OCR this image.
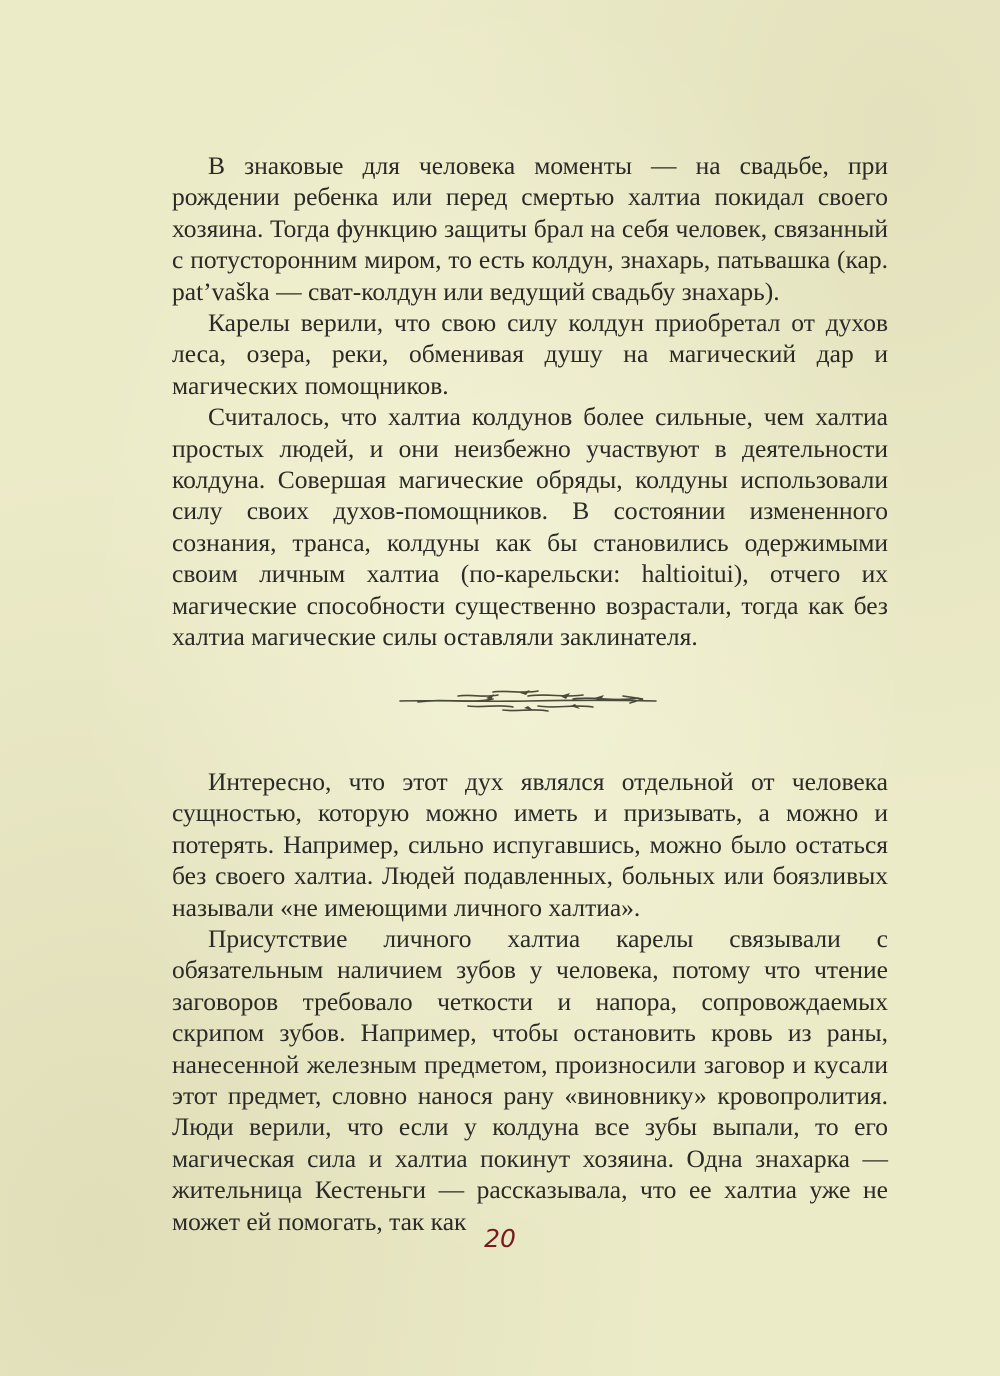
В знаковые для человека моменты — на свадьбе, при рождении ребенка или перед смертью халтиа покидал своего хозяина. Тогда функцию защиты брал на себя человек, связанный с потусторонним миром, то есть колдун, знахарь, патьвашка (кар. pat’vaška — сват-колдун или ведущий свадьбу знахарь).

Карелы верили, что свою силу колдун приобретал от духов леса, озера, реки, обменивая душу на магический дар и магических помощников.

Считалось, что халтиа колдунов более сильные, чем халтиа простых людей, и они неизбежно участвуют в деятельности колдуна. Совершая магические обряды, колдуны использовали силу своих духов-помощников. В состоянии измененного сознания, транса, колдуны как бы становились одержимыми своим личным халтиа (по-карельски: haltioitui), отчего их магические способности существенно возрастали, тогда как без халтиа магические силы оставляли заклинателя.

Интересно, что этот дух являлся отдельной от человека сущностью, которую можно иметь и призывать, а можно и потерять. Например, сильно испугавшись, можно было остаться без своего халтиа. Людей подавленных, больных или боязливых называли «не имеющими личного халтиа».

Присутствие личного халтиа карелы связывали с обязательным наличием зубов у человека, потому что чтение заговоров требовало четкости и напора, сопровождаемых скрипом зубов. Например, чтобы остановить кровь из раны, нанесенной железным предметом, произносили заговор и кусали этот предмет, словно нанося рану «виновнику» кровопролития. Люди верили, что если у колдуна все зубы выпали, то его магическая сила и халтиа покинут хозяина. Одна знахарка — жительница Кестеньги — рассказывала, что ее халтиа уже не может ей помогать, так как

20
